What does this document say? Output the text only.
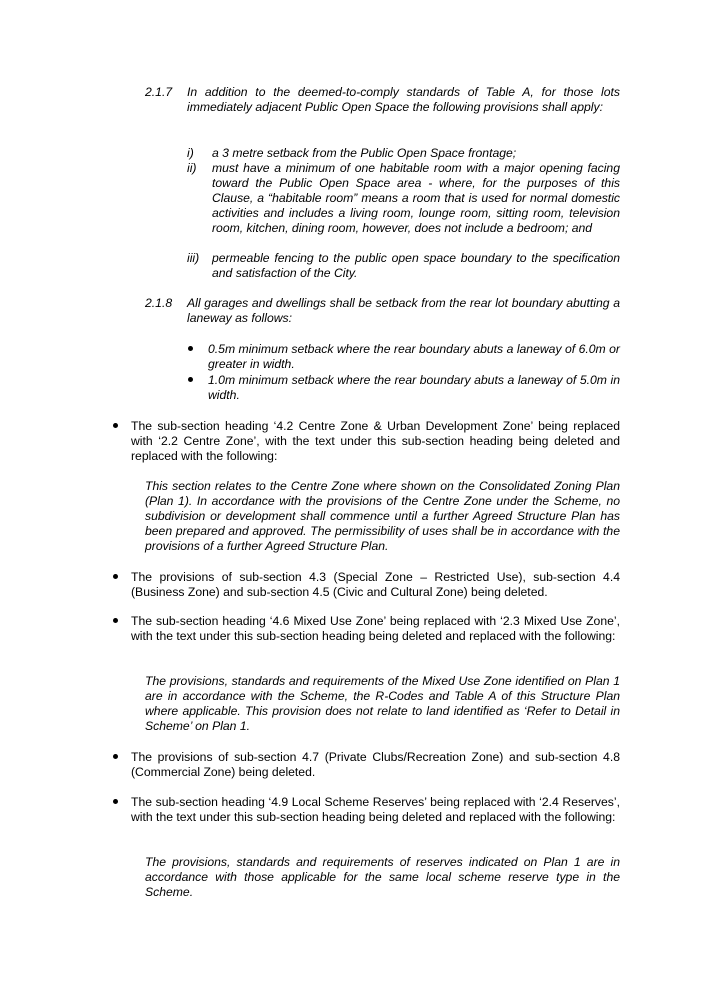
2.1.7 In addition to the deemed-to-comply standards of Table A, for those lots immediately adjacent Public Open Space the following provisions shall apply:
i) a 3 metre setback from the Public Open Space frontage;
ii) must have a minimum of one habitable room with a major opening facing toward the Public Open Space area - where, for the purposes of this Clause, a “habitable room” means a room that is used for normal domestic activities and includes a living room, lounge room, sitting room, television room, kitchen, dining room, however, does not include a bedroom; and
iii) permeable fencing to the public open space boundary to the specification and satisfaction of the City.
2.1.8 All garages and dwellings shall be setback from the rear lot boundary abutting a laneway as follows:
0.5m minimum setback where the rear boundary abuts a laneway of 6.0m or greater in width.
1.0m minimum setback where the rear boundary abuts a laneway of 5.0m in width.
The sub-section heading ‘4.2 Centre Zone & Urban Development Zone’ being replaced with ‘2.2 Centre Zone’, with the text under this sub-section heading being deleted and replaced with the following:
This section relates to the Centre Zone where shown on the Consolidated Zoning Plan (Plan 1). In accordance with the provisions of the Centre Zone under the Scheme, no subdivision or development shall commence until a further Agreed Structure Plan has been prepared and approved. The permissibility of uses shall be in accordance with the provisions of a further Agreed Structure Plan.
The provisions of sub-section 4.3 (Special Zone – Restricted Use), sub-section 4.4 (Business Zone) and sub-section 4.5 (Civic and Cultural Zone) being deleted.
The sub-section heading ‘4.6 Mixed Use Zone’ being replaced with ‘2.3 Mixed Use Zone’, with the text under this sub-section heading being deleted and replaced with the following:
The provisions, standards and requirements of the Mixed Use Zone identified on Plan 1 are in accordance with the Scheme, the R-Codes and Table A of this Structure Plan where applicable. This provision does not relate to land identified as ‘Refer to Detail in Scheme’ on Plan 1.
The provisions of sub-section 4.7 (Private Clubs/Recreation Zone) and sub-section 4.8 (Commercial Zone) being deleted.
The sub-section heading ‘4.9 Local Scheme Reserves’ being replaced with ‘2.4 Reserves’, with the text under this sub-section heading being deleted and replaced with the following:
The provisions, standards and requirements of reserves indicated on Plan 1 are in accordance with those applicable for the same local scheme reserve type in the Scheme.
